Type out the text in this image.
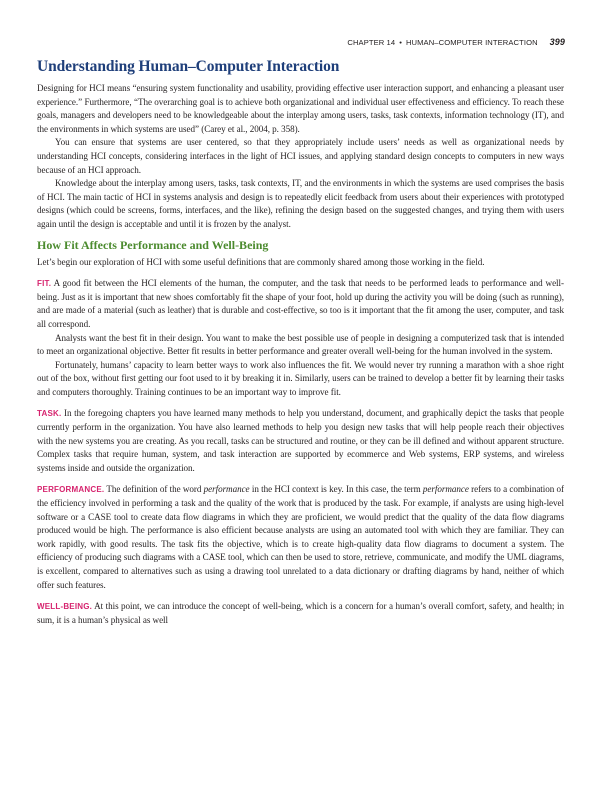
CHAPTER 14 • HUMAN–COMPUTER INTERACTION 399
Understanding Human–Computer Interaction

Designing for HCI means “ensuring system functionality and usability, providing effective user interaction support, and enhancing a pleasant user experience.” Furthermore, “The overarching goal is to achieve both organizational and individual user effectiveness and efficiency. To reach these goals, managers and developers need to be knowledgeable about the interplay among users, tasks, task contexts, information technology (IT), and the environments in which systems are used” (Carey et al., 2004, p. 358).

You can ensure that systems are user centered, so that they appropriately include users’ needs as well as organizational needs by understanding HCI concepts, considering interfaces in the light of HCI issues, and applying standard design concepts to computers in new ways because of an HCI approach.

Knowledge about the interplay among users, tasks, task contexts, IT, and the environments in which the systems are used comprises the basis of HCI. The main tactic of HCI in systems analysis and design is to repeatedly elicit feedback from users about their experiences with prototyped designs (which could be screens, forms, interfaces, and the like), refining the design based on the suggested changes, and trying them with users again until the design is acceptable and until it is frozen by the analyst.

How Fit Affects Performance and Well-Being

Let’s begin our exploration of HCI with some useful definitions that are commonly shared among those working in the field.

FIT. A good fit between the HCI elements of the human, the computer, and the task that needs to be performed leads to performance and well-being. Just as it is important that new shoes comfortably fit the shape of your foot, hold up during the activity you will be doing (such as running), and are made of a material (such as leather) that is durable and cost-effective, so too is it important that the fit among the user, computer, and task all correspond.

Analysts want the best fit in their design. You want to make the best possible use of people in designing a computerized task that is intended to meet an organizational objective. Better fit results in better performance and greater overall well-being for the human involved in the system.

Fortunately, humans’ capacity to learn better ways to work also influences the fit. We would never try running a marathon with a shoe right out of the box, without first getting our foot used to it by breaking it in. Similarly, users can be trained to develop a better fit by learning their tasks and computers thoroughly. Training continues to be an important way to improve fit.

TASK. In the foregoing chapters you have learned many methods to help you understand, document, and graphically depict the tasks that people currently perform in the organization. You have also learned methods to help you design new tasks that will help people reach their objectives with the new systems you are creating. As you recall, tasks can be structured and routine, or they can be ill defined and without apparent structure. Complex tasks that require human, system, and task interaction are supported by ecommerce and Web systems, ERP systems, and wireless systems inside and outside the organization.

PERFORMANCE. The definition of the word performance in the HCI context is key. In this case, the term performance refers to a combination of the efficiency involved in performing a task and the quality of the work that is produced by the task. For example, if analysts are using high-level software or a CASE tool to create data flow diagrams in which they are proficient, we would predict that the quality of the data flow diagrams produced would be high. The performance is also efficient because analysts are using an automated tool with which they are familiar. They can work rapidly, with good results. The task fits the objective, which is to create high-quality data flow diagrams to document a system. The efficiency of producing such diagrams with a CASE tool, which can then be used to store, retrieve, communicate, and modify the UML diagrams, is excellent, compared to alternatives such as using a drawing tool unrelated to a data dictionary or drafting diagrams by hand, neither of which offer such features.

WELL-BEING. At this point, we can introduce the concept of well-being, which is a concern for a human’s overall comfort, safety, and health; in sum, it is a human’s physical as well
